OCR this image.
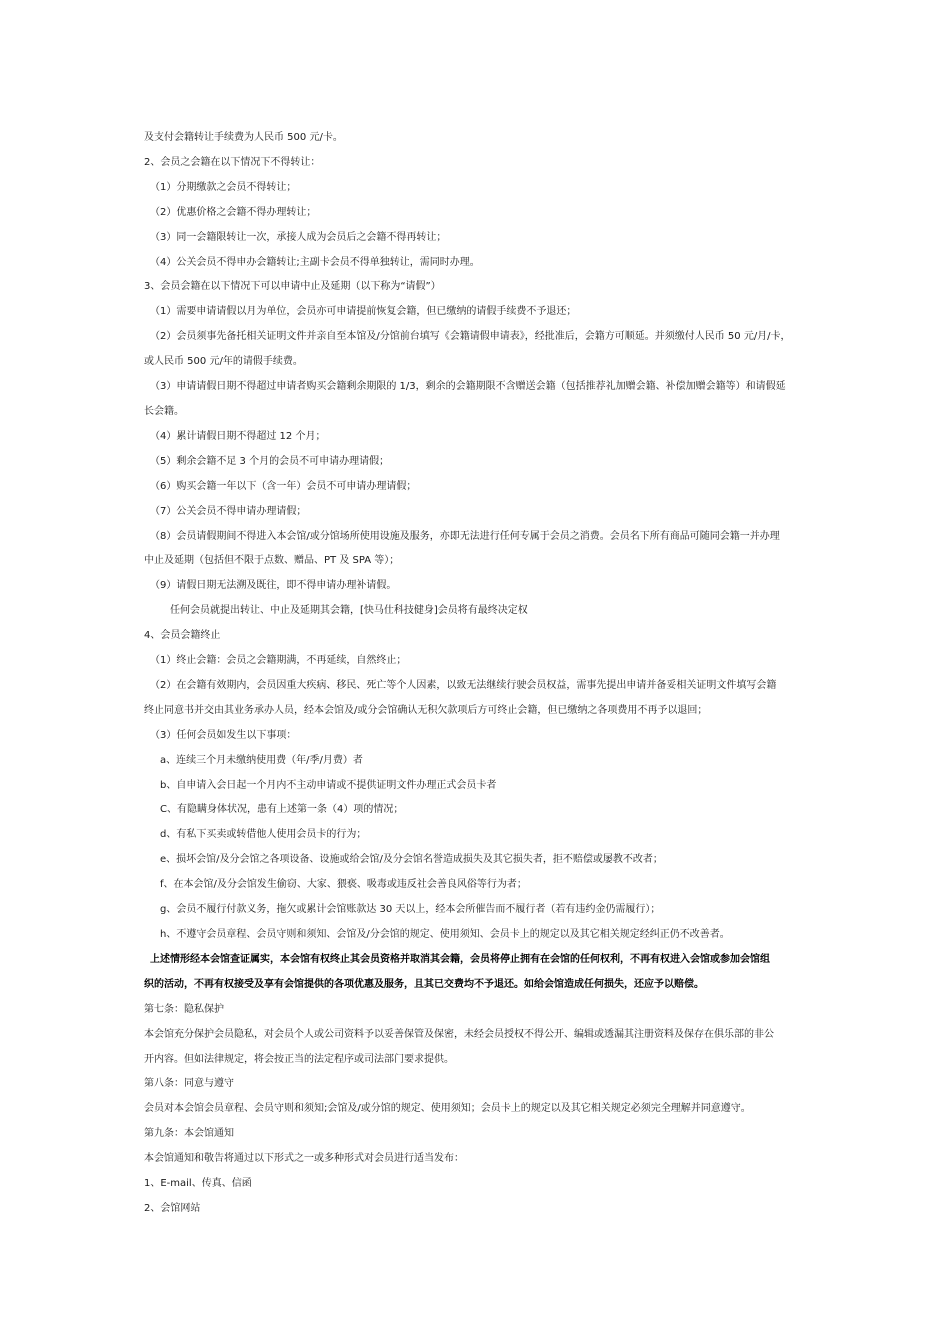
及支付会籍转让手续费为人民币 500 元/卡。
2、会员之会籍在以下情况下不得转让：
（1）分期缴款之会员不得转让；
（2）优惠价格之会籍不得办理转让；
（3）同一会籍限转让一次，承接人成为会员后之会籍不得再转让；
（4）公关会员不得申办会籍转让;主副卡会员不得单独转让，需同时办理。
3、会员会籍在以下情况下可以申请中止及延期（以下称为“请假”）
（1）需要申请请假以月为单位，会员亦可申请提前恢复会籍，但已缴纳的请假手续费不予退还；
（2）会员须事先备托相关证明文件并亲自至本馆及/分馆前台填写《会籍请假申请表》，经批准后，会籍方可顺延。并须缴付人民币 50 元/月/卡，
或人民币 500 元/年的请假手续费。
（3）申请请假日期不得超过申请者购买会籍剩余期限的 1/3，剩余的会籍期限不含赠送会籍（包括推荐礼加赠会籍、补偿加赠会籍等）和请假延
长会籍。
（4）累计请假日期不得超过 12 个月；
（5）剩余会籍不足 3 个月的会员不可申请办理请假；
（6）购买会籍一年以下（含一年）会员不可申请办理请假；
（7）公关会员不得申请办理请假；
（8）会员请假期间不得进入本会馆/或分馆场所使用设施及服务，亦即无法进行任何专属于会员之消费。会员名下所有商品可随同会籍一并办理
中止及延期（包括但不限于点数、赠品、PT 及 SPA 等）；
（9）请假日期无法溯及既往，即不得申请办理补请假。
任何会员就提出转让、中止及延期其会籍，[快马仕科技健身]会员将有最终决定权
4、会员会籍终止
（1）终止会籍：会员之会籍期满，不再延续，自然终止；
（2）在会籍有效期内，会员因重大疾病、移民、死亡等个人因素，以致无法继续行驶会员权益，需事先提出申请并备妥相关证明文件填写会籍
终止同意书并交由其业务承办人员，经本会馆及/或分会馆确认无积欠款项后方可终止会籍，但已缴纳之各项费用不再予以退回；
（3）任何会员如发生以下事项：
a、连续三个月未缴纳使用费（年/季/月费）者
b、自申请入会日起一个月内不主动申请或不提供证明文件办理正式会员卡者
C、有隐瞒身体状况，患有上述第一条（4）项的情况；
d、有私下买卖或转借他人使用会员卡的行为；
e、损坏会馆/及分会馆之各项设备、设施或给会馆/及分会馆名誉造成损失及其它损失者，拒不赔偿或屡教不改者；
f、在本会馆/及分会馆发生偷窃、大家、猥亵、吸毒或违反社会善良风俗等行为者；
g、会员不履行付款义务，拖欠或累计会馆账款达 30 天以上，经本会所催告而不履行者（若有违约金仍需履行）；
h、不遵守会员章程、会员守则和须知、会馆及/分会馆的规定、使用须知、会员卡上的规定以及其它相关规定经纠正仍不改善者。
上述情形经本会馆查证属实，本会馆有权终止其会员资格并取消其会籍，会员将停止拥有在会馆的任何权利，不再有权进入会馆或参加会馆组
织的活动，不再有权接受及享有会馆提供的各项优惠及服务，且其已交费均不予退还。如给会馆造成任何损失，还应予以赔偿。
第七条：隐私保护
本会馆充分保护会员隐私，对会员个人或公司资料予以妥善保管及保密，未经会员授权不得公开、编辑或透漏其注册资料及保存在俱乐部的非公
开内容。但如法律规定，将会按正当的法定程序或司法部门要求提供。
第八条：同意与遵守
会员对本会馆会员章程、会员守则和须知;会馆及/或分馆的规定、使用须知；会员卡上的规定以及其它相关规定必须完全理解并同意遵守。
第九条：本会馆通知
本会馆通知和敬告将通过以下形式之一或多种形式对会员进行适当发布：
1、E-mail、传真、信函
2、会馆网站
